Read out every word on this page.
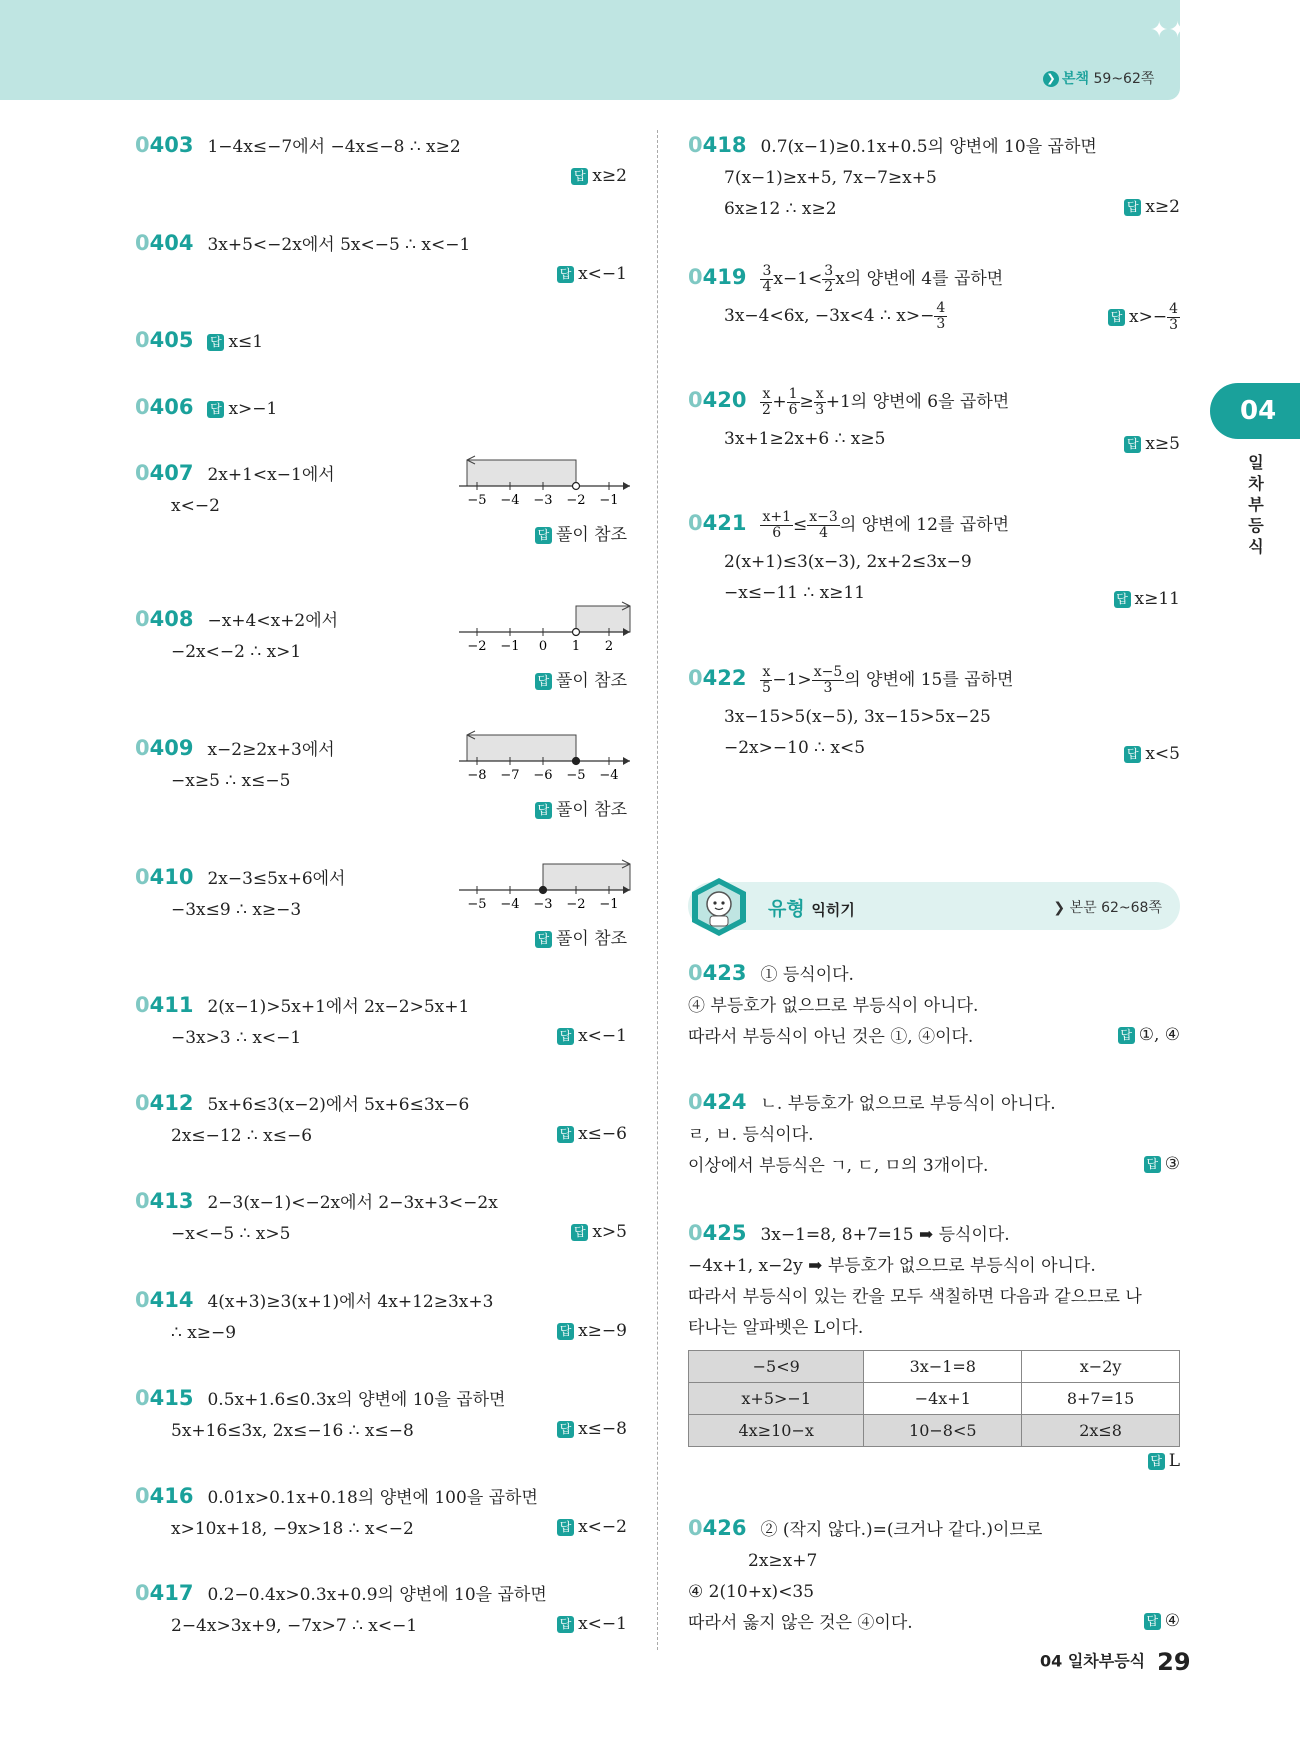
✦✦
❯ 본책 59~62쪽
04
일
차
부
등
식
0403 1−4x≤−7에서 −4x≤−8 ∴ x≥2
답 x≥2
0404 3x+5<−2x에서 5x<−5 ∴ x<−1
답 x<−1
0405 답 x≤1
0406 답 x>−1
0407 2x+1<x−1에서
x<−2
답 풀이 참조
−5 −4 −3 −2 −1
0408 −x+4<x+2에서
−2x<−2 ∴ x>1
답 풀이 참조
−2 −1 0 1 2
0409 x−2≥2x+3에서
−x≥5 ∴ x≤−5
답 풀이 참조
−8 −7 −6 −5 −4
0410 2x−3≤5x+6에서
−3x≤9 ∴ x≥−3
답 풀이 참조
−5 −4 −3 −2 −1
0411 2(x−1)>5x+1에서 2x−2>5x+1
−3x>3 ∴ x<−1	답 x<−1
0412 5x+6≤3(x−2)에서 5x+6≤3x−6
2x≤−12 ∴ x≤−6	답 x≤−6
0413 2−3(x−1)<−2x에서 2−3x+3<−2x
−x<−5 ∴ x>5	답 x>5
0414 4(x+3)≥3(x+1)에서 4x+12≥3x+3
∴ x≥−9	답 x≥−9
0415 0.5x+1.6≤0.3x의 양변에 10을 곱하면
5x+16≤3x, 2x≤−16 ∴ x≤−8	답 x≤−8
0416 0.01x>0.1x+0.18의 양변에 100을 곱하면
x>10x+18, −9x>18 ∴ x<−2	답 x<−2
0417 0.2−0.4x>0.3x+0.9의 양변에 10을 곱하면
2−4x>3x+9, −7x>7 ∴ x<−1	답 x<−1
0418 0.7(x−1)≥0.1x+0.5의 양변에 10을 곱하면
7(x−1)≥x+5, 7x−7≥x+5
6x≥12 ∴ x≥2	답 x≥2
$0419 \frac{3}{4} x-1< \frac{3}{2}$ x의 양변에 4를 곱하면
3x−4<6x, −3x<4 ∴ $x>- \frac{4}{3}$	답 $x>- \frac{4}{3}$
$0420 \frac{x}{2} + \frac{1}{6} \ge \frac{x}{3} +1$의 양변에 6을 곱하면
3x+1≥2x+6 ∴ x≥5	답 x≥5
$0421 \frac{x+1}{6} \le \frac{x-3}{4}$ 의 양변에 12를 곱하면
2(x+1)≤3(x−3), 2x+2≤3x−9
−x≤−11 ∴ x≥11	답 x≥11
$0422 \frac{x}{5} -1> \frac{x-5}{3}$ 의 양변에 15를 곱하면
3x−15>5(x−5), 3x−15>5x−25
−2x>−10 ∴ x<5	답 x<5
유형 익히기	❯ 본문 62~68쪽
0423 ① 등식이다.
④ 부등호가 없으므로 부등식이 아니다.
따라서 부등식이 아닌 것은 ①, ④이다.	답 ①, ④
0424 ㄴ. 부등호가 없으므로 부등식이 아니다.
ㄹ, ㅂ. 등식이다.
이상에서 부등식은 ㄱ, ㄷ, ㅁ의 3개이다.	답 ③
0425 3x−1=8, 8+7=15 ➡ 등식이다.
−4x+1, x−2y ➡ 부등호가 없으므로 부등식이 아니다.
따라서 부등식이 있는 칸을 모두 색칠하면 다음과 같으므로 나
타나는 알파벳은 L이다.
답 L
−5<9	3x−1=8	x−2y
x+5>−1	−4x+1	8+7=15
4x≥10−x	10−8<5	2x≤8
0426 ② (작지 않다.)=(크거나 같다.)이므로
2x≥x+7
④ 2(10+x)<35
따라서 옳지 않은 것은 ④이다.	답 ④
04 일차부등식 29
